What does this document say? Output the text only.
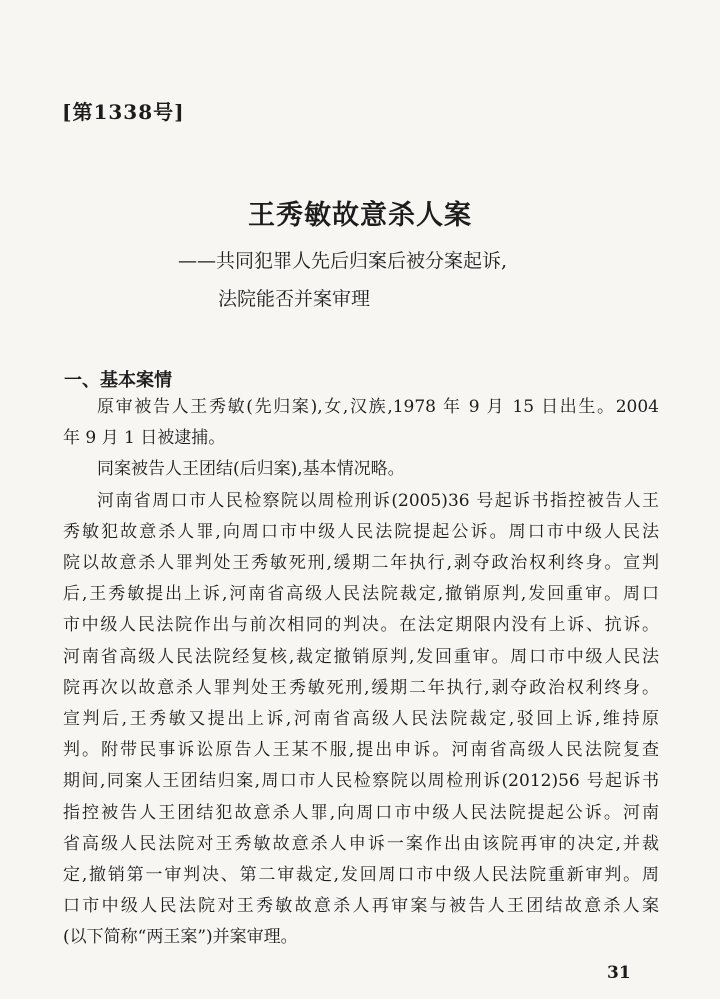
[第1338号]
王秀敏故意杀人案
——共同犯罪人先后归案后被分案起诉,
法院能否并案审理
一、基本案情

原审被告人王秀敏(先归案),女,汉族,1978 年 9 月 15 日出生。2004
年 9 月 1 日被逮捕。

同案被告人王团结(后归案),基本情况略。

河南省周口市人民检察院以周检刑诉(2005)36 号起诉书指控被告人王
秀敏犯故意杀人罪,向周口市中级人民法院提起公诉。周口市中级人民法
院以故意杀人罪判处王秀敏死刑,缓期二年执行,剥夺政治权利终身。宣判
后,王秀敏提出上诉,河南省高级人民法院裁定,撤销原判,发回重审。周口
市中级人民法院作出与前次相同的判决。在法定期限内没有上诉、抗诉。
河南省高级人民法院经复核,裁定撤销原判,发回重审。周口市中级人民法
院再次以故意杀人罪判处王秀敏死刑,缓期二年执行,剥夺政治权利终身。
宣判后,王秀敏又提出上诉,河南省高级人民法院裁定,驳回上诉,维持原
判。附带民事诉讼原告人王某不服,提出申诉。河南省高级人民法院复查
期间,同案人王团结归案,周口市人民检察院以周检刑诉(2012)56 号起诉书
指控被告人王团结犯故意杀人罪,向周口市中级人民法院提起公诉。河南
省高级人民法院对王秀敏故意杀人申诉一案作出由该院再审的决定,并裁
定,撤销第一审判决、第二审裁定,发回周口市中级人民法院重新审判。周
口市中级人民法院对王秀敏故意杀人再审案与被告人王团结故意杀人案
(以下简称“两王案”)并案审理。

31
